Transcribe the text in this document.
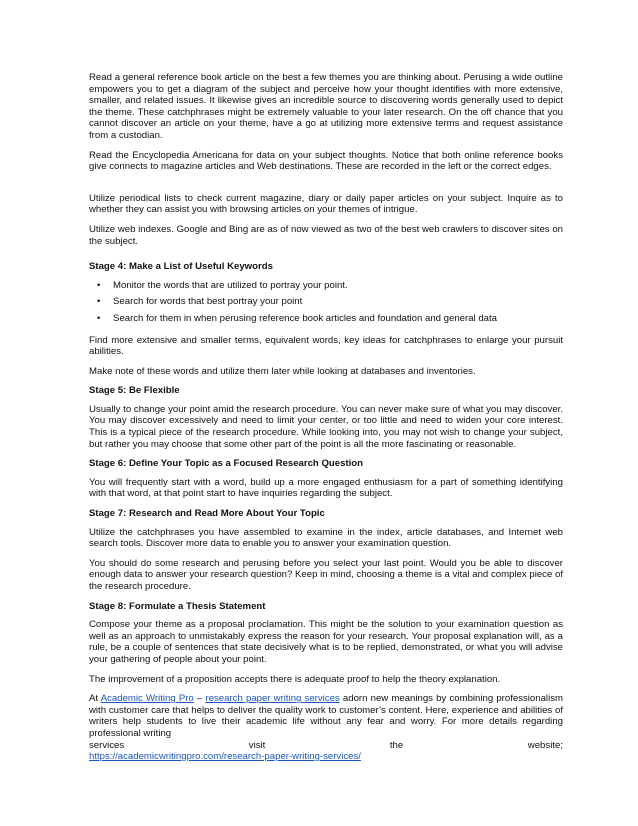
Read a general reference book article on the best a few themes you are thinking about. Perusing a wide outline empowers you to get a diagram of the subject and perceive how your thought identifies with more extensive, smaller, and related issues. It likewise gives an incredible source to discovering words generally used to depict the theme. These catchphrases might be extremely valuable to your later research. On the off chance that you cannot discover an article on your theme, have a go at utilizing more extensive terms and request assistance from a custodian.

Read the Encyclopedia Americana for data on your subject thoughts. Notice that both online reference books give connects to magazine articles and Web destinations. These are recorded in the left or the correct edges.

Utilize periodical lists to check current magazine, diary or daily paper articles on your subject. Inquire as to whether they can assist you with browsing articles on your themes of intrigue.

Utilize web indexes. Google and Bing are as of now viewed as two of the best web crawlers to discover sites on the subject.

Stage 4: Make a List of Useful Keywords
• Monitor the words that are utilized to portray your point.
• Search for words that best portray your point
• Search for them in when perusing reference book articles and foundation and general data

Find more extensive and smaller terms, equivalent words, key ideas for catchphrases to enlarge your pursuit abilities.

Make note of these words and utilize them later while looking at databases and inventories.

Stage 5: Be Flexible

Usually to change your point amid the research procedure. You can never make sure of what you may discover. You may discover excessively and need to limit your center, or too little and need to widen your core interest. This is a typical piece of the research procedure. While looking into, you may not wish to change your subject, but rather you may choose that some other part of the point is all the more fascinating or reasonable.

Stage 6: Define Your Topic as a Focused Research Question

You will frequently start with a word, build up a more engaged enthusiasm for a part of something identifying with that word, at that point start to have inquiries regarding the subject.

Stage 7: Research and Read More About Your Topic

Utilize the catchphrases you have assembled to examine in the index, article databases, and Internet web search tools. Discover more data to enable you to answer your examination question.

You should do some research and perusing before you select your last point. Would you be able to discover enough data to answer your research question? Keep in mind, choosing a theme is a vital and complex piece of the research procedure.

Stage 8: Formulate a Thesis Statement

Compose your theme as a proposal proclamation. This might be the solution to your examination question as well as an approach to unmistakably express the reason for your research. Your proposal explanation will, as a rule, be a couple of sentences that state decisively what is to be replied, demonstrated, or what you will advise your gathering of people about your point.

The improvement of a proposition accepts there is adequate proof to help the theory explanation.

At Academic Writing Pro – research paper writing services adorn new meanings by combining professionalism with customer care that helps to deliver the quality work to customer’s content. Here, experience and abilities of writers help students to live their academic life without any fear and worry. For more details regarding professional writing

services	visit	the	website;
https://academicwritingpro.com/research-paper-writing-services/
